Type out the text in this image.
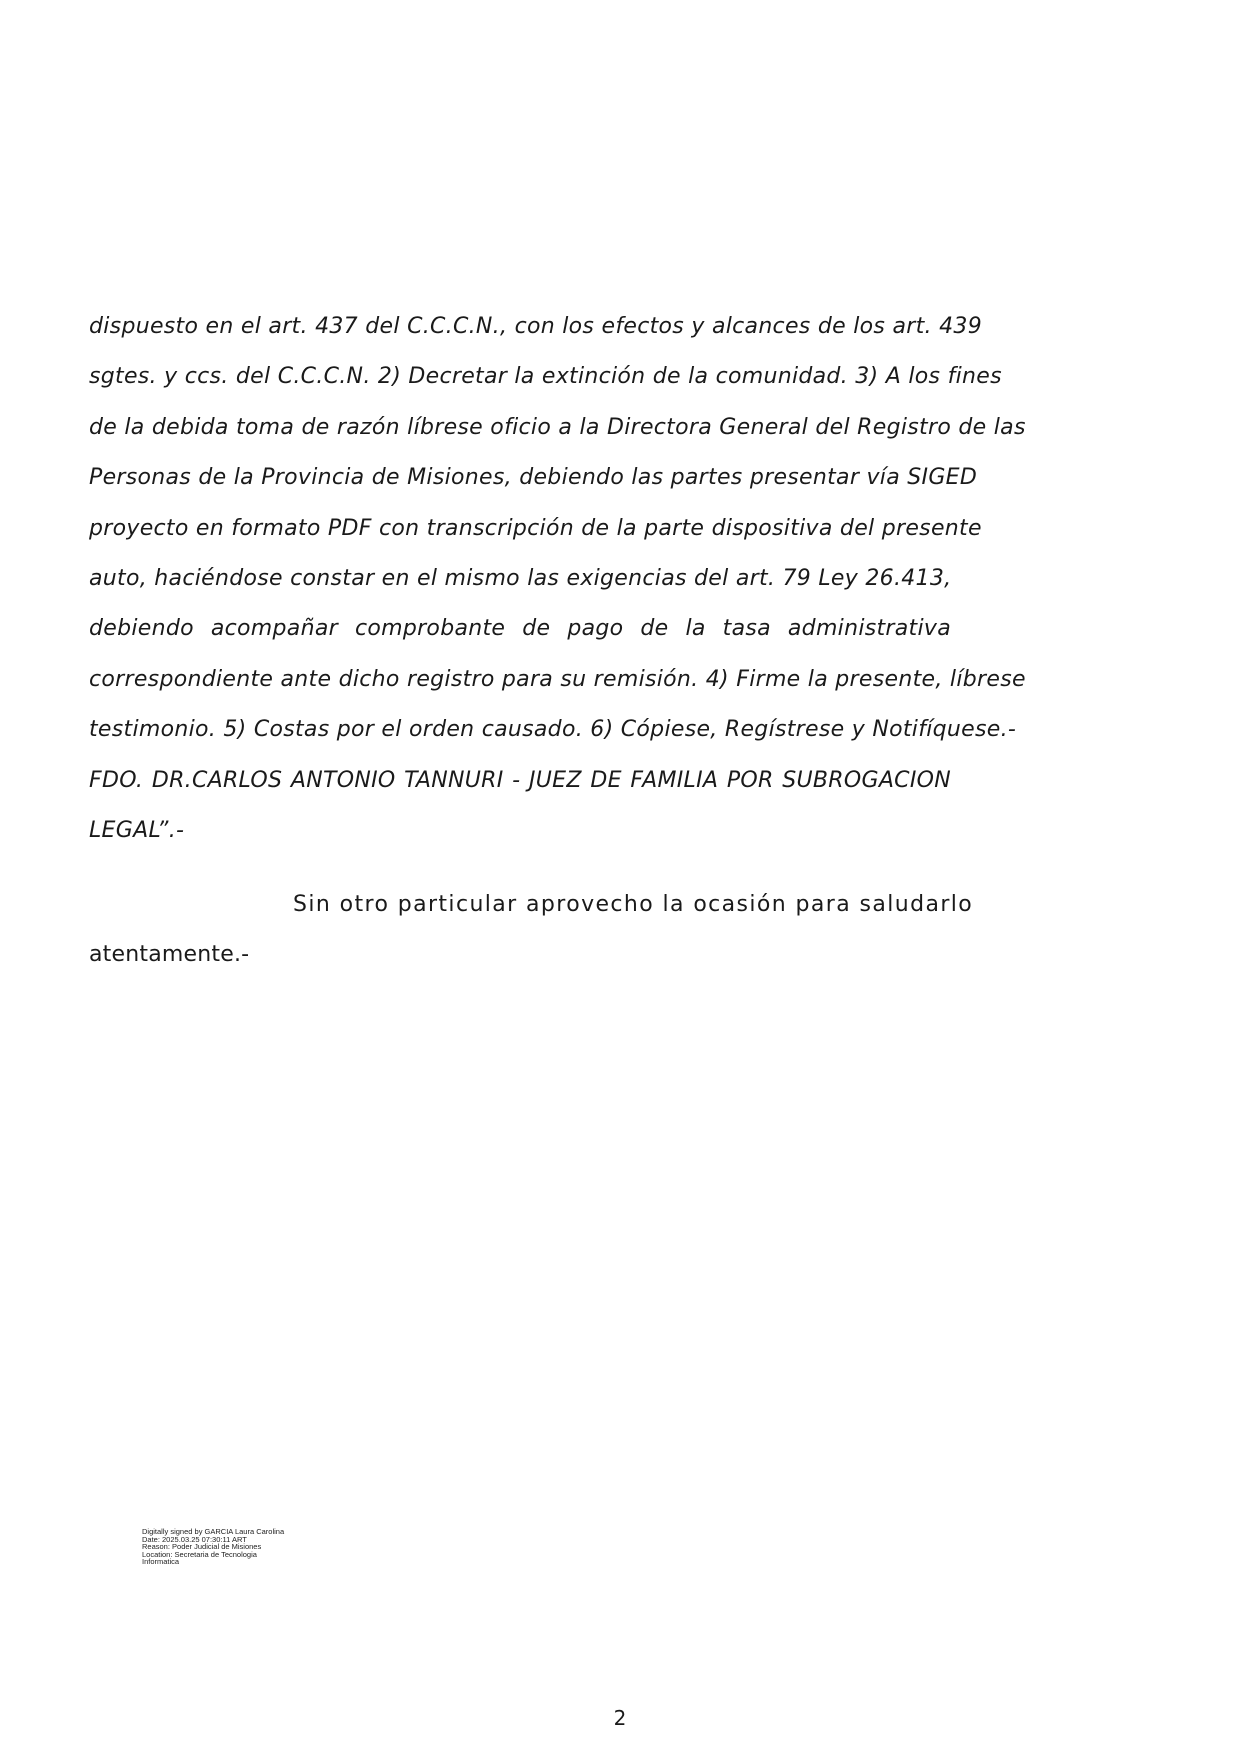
dispuesto en el art. 437 del C.C.C.N., con los efectos y alcances de los art. 439
sgtes. y ccs. del C.C.C.N. 2) Decretar la extinción de la comunidad. 3) A los fines
de la debida toma de razón líbrese oficio a la Directora General del Registro de las
Personas de la Provincia de Misiones, debiendo las partes presentar vía SIGED
proyecto en formato PDF con transcripción de la parte dispositiva del presente
auto, haciéndose constar en el mismo las exigencias del art. 79 Ley 26.413,
debiendo acompañar comprobante de pago de la tasa administrativa
correspondiente ante dicho registro para su remisión. 4) Firme la presente, líbrese
testimonio. 5) Costas por el orden causado. 6) Cópiese, Regístrese y Notifíquese.-
FDO. DR.CARLOS ANTONIO TANNURI - JUEZ DE FAMILIA POR SUBROGACION
LEGAL”.-
Sin otro particular aprovecho la ocasión para saludarlo
atentamente.-
Digitally signed by GARCIA Laura Carolina
Date: 2025.03.25 07:30:11 ART
Reason: Poder Judicial de Misiones
Location: Secretaria de Tecnologia
Informatica
2
